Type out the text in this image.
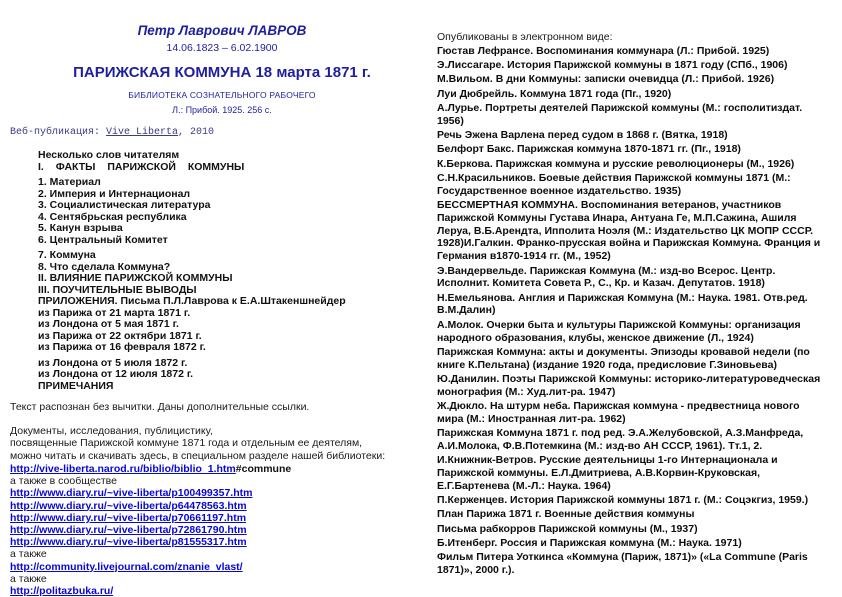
Петр Лаврович ЛАВРОВ
14.06.1823 – 6.02.1900
ПАРИЖСКАЯ КОММУНА 18 марта 1871 г.
БИБЛИОТЕКА СОЗНАТЕЛЬНОГО РАБОЧЕГО
Л.: Прибой. 1925. 256 с.
Веб-публикация: Vive Liberta, 2010
Несколько слов читателям
I. ФАКТЫ ПАРИЖСКОЙ КОММУНЫ
1. Материал
2. Империя и Интернационал
3. Социалистическая литература
4. Сентябрьская республика
5. Канун взрыва
6. Центральный Комитет
7. Коммуна
8. Что сделала Коммуна?
II. ВЛИЯНИЕ ПАРИЖСКОЙ КОММУНЫ
III. ПОУЧИТЕЛЬНЫЕ ВЫВОДЫ
ПРИЛОЖЕНИЯ. Письма П.Л.Лаврова к Е.А.Штакеншнейдер
из Парижа от 21 марта 1871 г.
из Лондона от 5 мая 1871 г.
из Парижа от 22 октябри 1871 г.
из Парижа от 16 февраля 1872 г.
из Лондона от 5 июля 1872 г.
из Лондона от 12 июля 1872 г.
ПРИМЕЧАНИЯ
Текст распознан без вычитки. Даны дополнительные ссылки.
Документы, исследования, публицистику,
посвященные Парижской коммуне 1871 года и отдельным ее деятелям,
можно читать и скачивать здесь, в специальном разделе нашей библиотеки:
http://vive-liberta.narod.ru/biblio/biblio_1.htm#commune
а также в сообществе
http://www.diary.ru/~vive-liberta/p100499357.htm
http://www.diary.ru/~vive-liberta/p64478563.htm
http://www.diary.ru/~vive-liberta/p70661197.htm
http://www.diary.ru/~vive-liberta/p72861790.htm
http://www.diary.ru/~vive-liberta/p81555317.htm
а также
http://community.livejournal.com/znanie_vlast/
а также
http://politazbuka.ru/
Опубликованы в электронном виде:
Гюстав Лефрансе. Воспоминания коммунара (Л.: Прибой. 1925)
Э.Лиссагаре. История Парижской коммуны в 1871 году (СПб., 1906)
М.Вильом. В дни Коммуны: записки очевидца (Л.: Прибой. 1926)
Луи Дюбрейль. Коммуна 1871 года (Пг., 1920)
А.Лурье. Портреты деятелей Парижской коммуны (М.: госполитиздат. 1956)
Речь Эжена Варлена перед судом в 1868 г. (Вятка, 1918)
Белфорт Бакс. Парижская коммуна 1870-1871 гг. (Пг., 1918)
К.Беркова. Парижская коммуна и русские революционеры (М., 1926)
С.Н.Красильников. Боевые действия Парижской коммуны 1871 (М.: Государственное военное издательство. 1935)
БЕССМЕРТНАЯ КОММУНА. Воспоминания ветеранов, участников Парижской Коммуны Густава Инара, Антуана Ге, М.П.Сажина, Ашиля Леруа, В.Б.Арендта, Ипполита Ноэля (М.: Издательство ЦК МОПР СССР. 1928)И.Галкин. Франко-прусская война и Парижская Коммуна. Франция и Германия в1870-1914 гг. (М., 1952)
Э.Вандервельде. Парижская Коммуна (М.: изд-во Всерос. Центр. Исполнит. Комитета Совета Р., С., Кр. и Казач. Депутатов. 1918)
Н.Емельянова. Англия и Парижская Коммуна (М.: Наука. 1981. Отв.ред. В.М.Далин)
А.Молок. Очерки быта и культуры Парижской Коммуны: организация народного образования, клубы, женское движение (Л., 1924)
Парижская Коммуна: акты и документы. Эпизоды кровавой недели (по книге К.Пельтана) (издание 1920 года, предисловие Г.Зиновьева)
Ю.Данилин. Поэты Парижской Коммуны: историко-литературоведческая монография (М.: Худ.лит-ра. 1947)
Ж.Дюкло. На штурм неба. Парижская коммуна - предвестница нового мира (М.: Иностранная лит-ра. 1962)
Парижская Коммуна 1871 г. под ред. Э.А.Желубовской, А.З.Манфреда, А.И.Молока, Ф.В.Потемкина (М.: изд-во АН СССР, 1961). Тт.1, 2.
И.Книжник-Ветров. Русские деятельницы 1-го Интернационала и Парижской коммуны. Е.Л.Дмитриева, А.В.Корвин-Круковская, Е.Г.Бартенева (М.-Л.: Наука. 1964)
П.Керженцев. История Парижской коммуны 1871 г. (М.: Соцэкгиз, 1959.)
План Парижа 1871 г. Военные действия коммуны
Письма рабкорров Парижской коммуны (М., 1937)
Б.Итенберг. Россия и Парижская коммуна (М.: Наука. 1971)
Фильм Питера Уоткинса «Коммуна (Париж, 1871)» («La Commune (Paris 1871)», 2000 г.).
